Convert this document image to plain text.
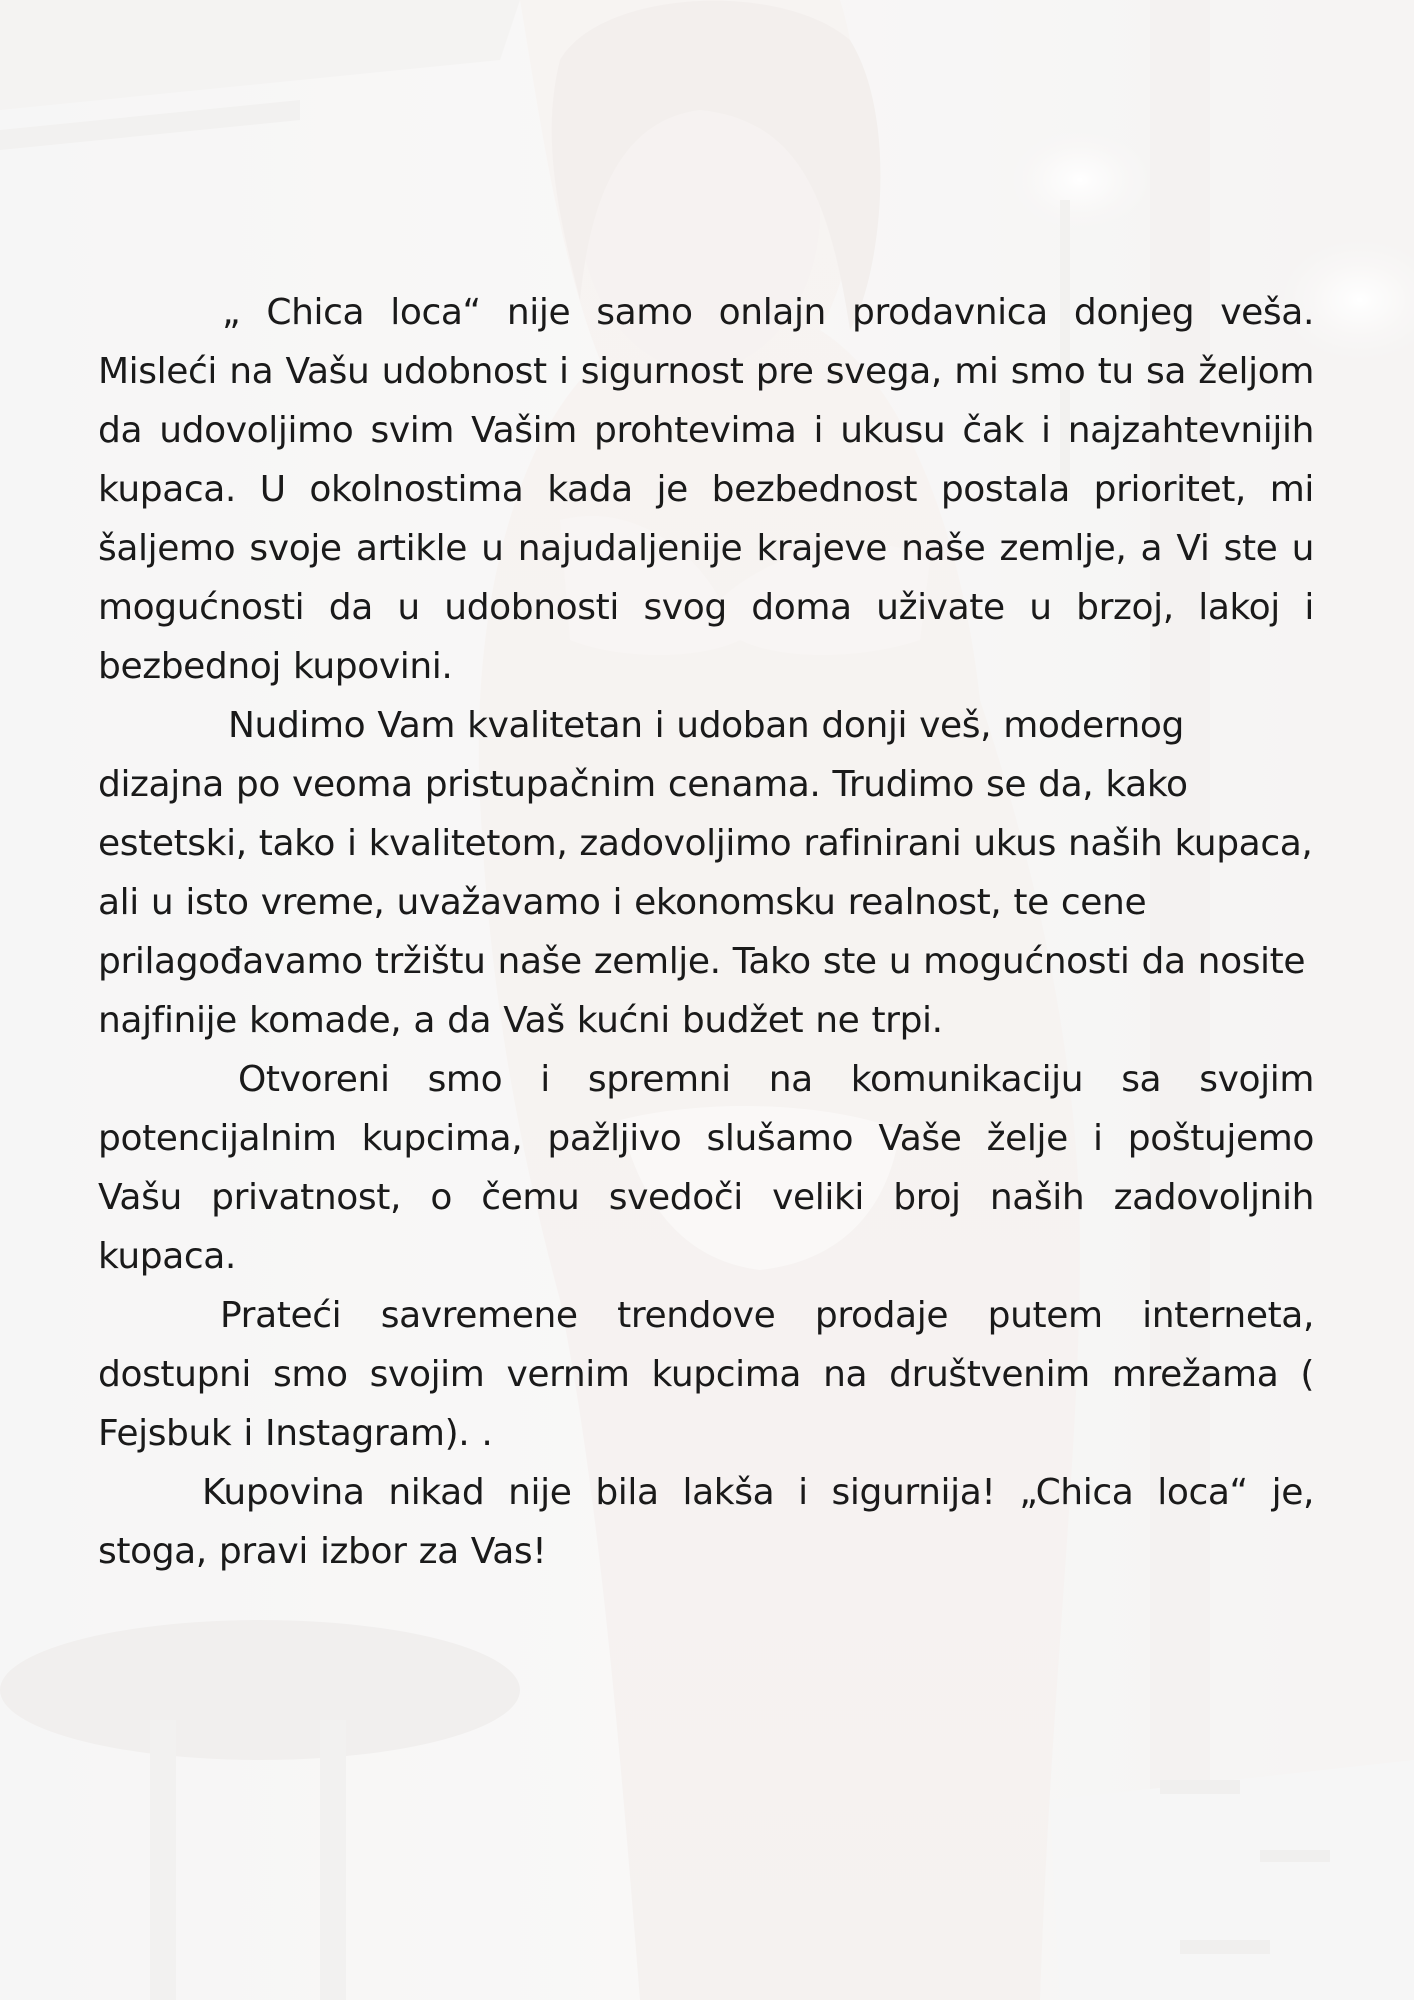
„ Chica loca“ nije samo onlajn prodavnica donjeg veša. Misleći na Vašu udobnost i sigurnost pre svega, mi smo tu sa željom da udovoljimo svim Vašim prohtevima i ukusu čak i najzahtevnijih kupaca. U okolnostima kada je bezbednost postala prioritet, mi šaljemo svoje artikle u najudaljenije krajeve naše zemlje, a Vi ste u mogućnosti da u udobnosti svog doma uživate u brzoj, lakoj i bezbednoj kupovini.

Nudimo Vam kvalitetan i udoban donji veš, modernog dizajna po veoma pristupačnim cenama. Trudimo se da, kako estetski, tako i kvalitetom, zadovoljimo rafinirani ukus naših kupaca, ali u isto vreme, uvažavamo i ekonomsku realnost, te cene prilagođavamo tržištu naše zemlje. Tako ste u mogućnosti da nosite najfinije komade, a da Vaš kućni budžet ne trpi.

Otvoreni smo i spremni na komunikaciju sa svojim potencijalnim kupcima, pažljivo slušamo Vaše želje i poštujemo Vašu privatnost, o čemu svedoči veliki broj naših zadovoljnih kupaca.

Prateći savremene trendove prodaje putem interneta, dostupni smo svojim vernim kupcima na društvenim mrežama ( Fejsbuk i Instagram). .

Kupovina nikad nije bila lakša i sigurnija! „Chica loca“ je, stoga, pravi izbor za Vas!
